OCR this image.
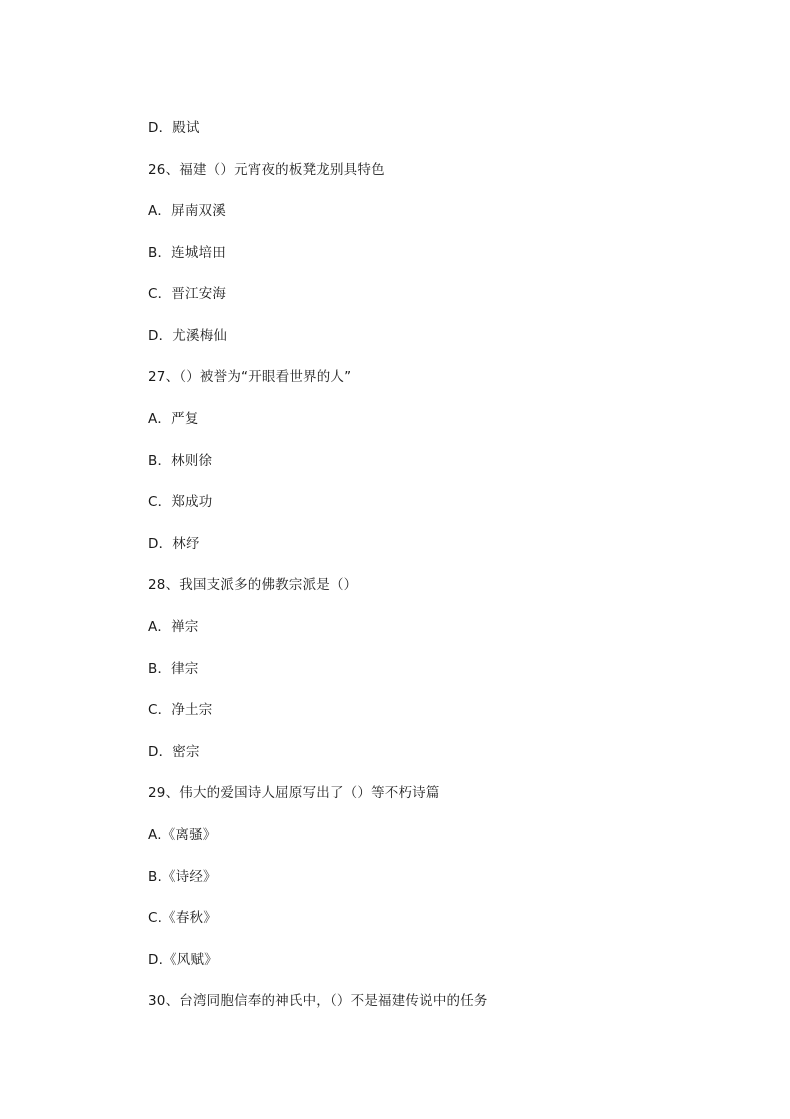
D．殿试
26、福建（）元宵夜的板凳龙别具特色
A．屏南双溪
B．连城培田
C．晋江安海
D．尤溪梅仙
27、（）被誉为“开眼看世界的人”
A．严复
B．林则徐
C．郑成功
D．林纾
28、我国支派多的佛教宗派是（）
A．禅宗
B．律宗
C．净土宗
D．密宗
29、伟大的爱国诗人屈原写出了（）等不朽诗篇
A.《离骚》
B.《诗经》
C.《春秋》
D.《风赋》
30、台湾同胞信奉的神氏中，（）不是福建传说中的任务
